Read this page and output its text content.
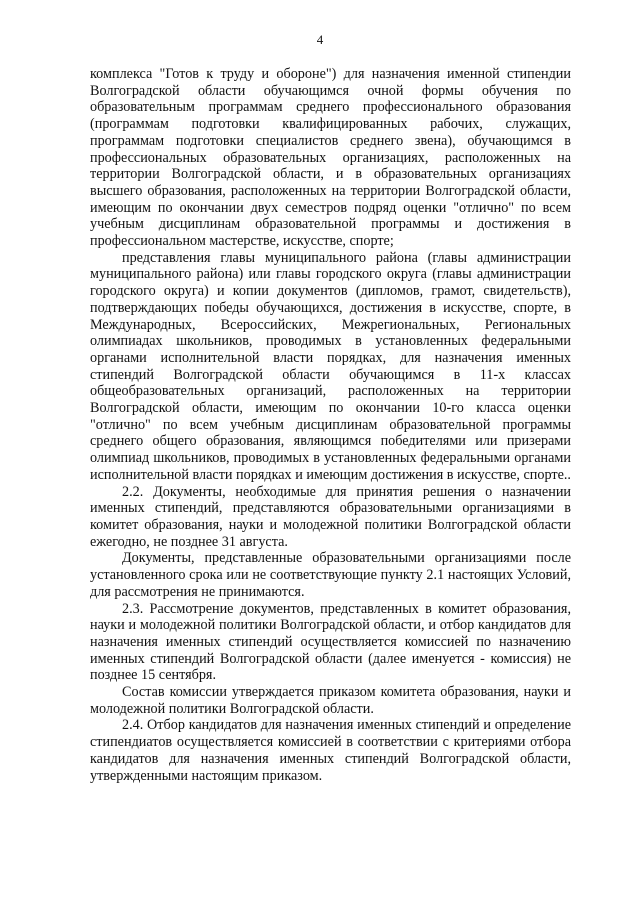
4

комплекса "Готов к труду и обороне") для назначения именной стипендии Волгоградской области обучающимся очной формы обучения по образовательным программам среднего профессионального образования (программам подготовки квалифицированных рабочих, служащих, программам подготовки специалистов среднего звена), обучающимся в профессиональных образовательных организациях, расположенных на территории Волгоградской области, и в образовательных организациях высшего образования, расположенных на территории Волгоградской области, имеющим по окончании двух семестров подряд оценки "отлично" по всем учебным дисциплинам образовательной программы и достижения в профессиональном мастерстве, искусстве, спорте;

представления главы муниципального района (главы администрации муниципального района) или главы городского округа (главы администрации городского округа) и копии документов (дипломов, грамот, свидетельств), подтверждающих победы обучающихся, достижения в искусстве, спорте, в Международных, Всероссийских, Межрегиональных, Региональных олимпиадах школьников, проводимых в установленных федеральными органами исполнительной власти порядках, для назначения именных стипендий Волгоградской области обучающимся в 11-х классах общеобразовательных организаций, расположенных на территории Волгоградской области, имеющим по окончании 10-го класса оценки "отлично" по всем учебным дисциплинам образовательной программы среднего общего образования, являющимся победителями или призерами олимпиад школьников, проводимых в установленных федеральными органами исполнительной власти порядках и имеющим достижения в искусстве, спорте..

2.2. Документы, необходимые для принятия решения о назначении именных стипендий, представляются образовательными организациями в комитет образования, науки и молодежной политики Волгоградской области ежегодно, не позднее 31 августа.

Документы, представленные образовательными организациями после установленного срока или не соответствующие пункту 2.1 настоящих Условий, для рассмотрения не принимаются.

2.3. Рассмотрение документов, представленных в комитет образования, науки и молодежной политики Волгоградской области, и отбор кандидатов для назначения именных стипендий осуществляется комиссией по назначению именных стипендий Волгоградской области (далее именуется - комиссия) не позднее 15 сентября.

Состав комиссии утверждается приказом комитета образования, науки и молодежной политики Волгоградской области.

2.4. Отбор кандидатов для назначения именных стипендий и определение стипендиатов осуществляется комиссией в соответствии с критериями отбора кандидатов для назначения именных стипендий Волгоградской области, утвержденными настоящим приказом.
